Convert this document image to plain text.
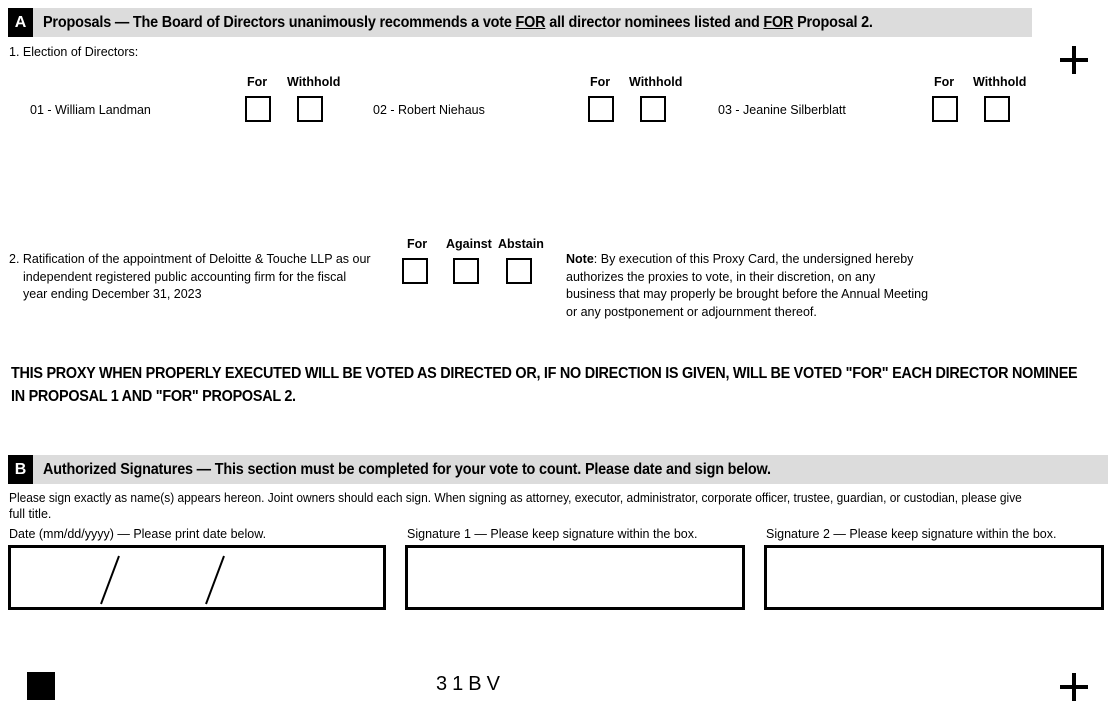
A	Proposals — The Board of Directors unanimously recommends a vote FOR all director nominees listed and FOR Proposal 2.
1. Election of Directors:
For Withhold
01 - William Landman
For Withhold
02 - Robert Niehaus
For Withhold
03 - Jeanine Silberblatt
2. Ratification of the appointment of Deloitte & Touche LLP as our
independent registered public accounting firm for the fiscal
year ending December 31, 2023
For Against Abstain
Note: By execution of this Proxy Card, the undersigned hereby
authorizes the proxies to vote, in their discretion, on any
business that may properly be brought before the Annual Meeting
or any postponement or adjournment thereof.
THIS PROXY WHEN PROPERLY EXECUTED WILL BE VOTED AS DIRECTED OR, IF NO DIRECTION IS GIVEN, WILL BE VOTED "FOR" EACH DIRECTOR NOMINEE
IN PROPOSAL 1 AND "FOR" PROPOSAL 2.
B	Authorized Signatures — This section must be completed for your vote to count. Please date and sign below.
Please sign exactly as name(s) appears hereon. Joint owners should each sign. When signing as attorney, executor, administrator, corporate officer, trustee, guardian, or custodian, please give
full title.
Date (mm/dd/yyyy) — Please print date below.	Signature 1 — Please keep signature within the box.	Signature 2 — Please keep signature within the box.
31BV
